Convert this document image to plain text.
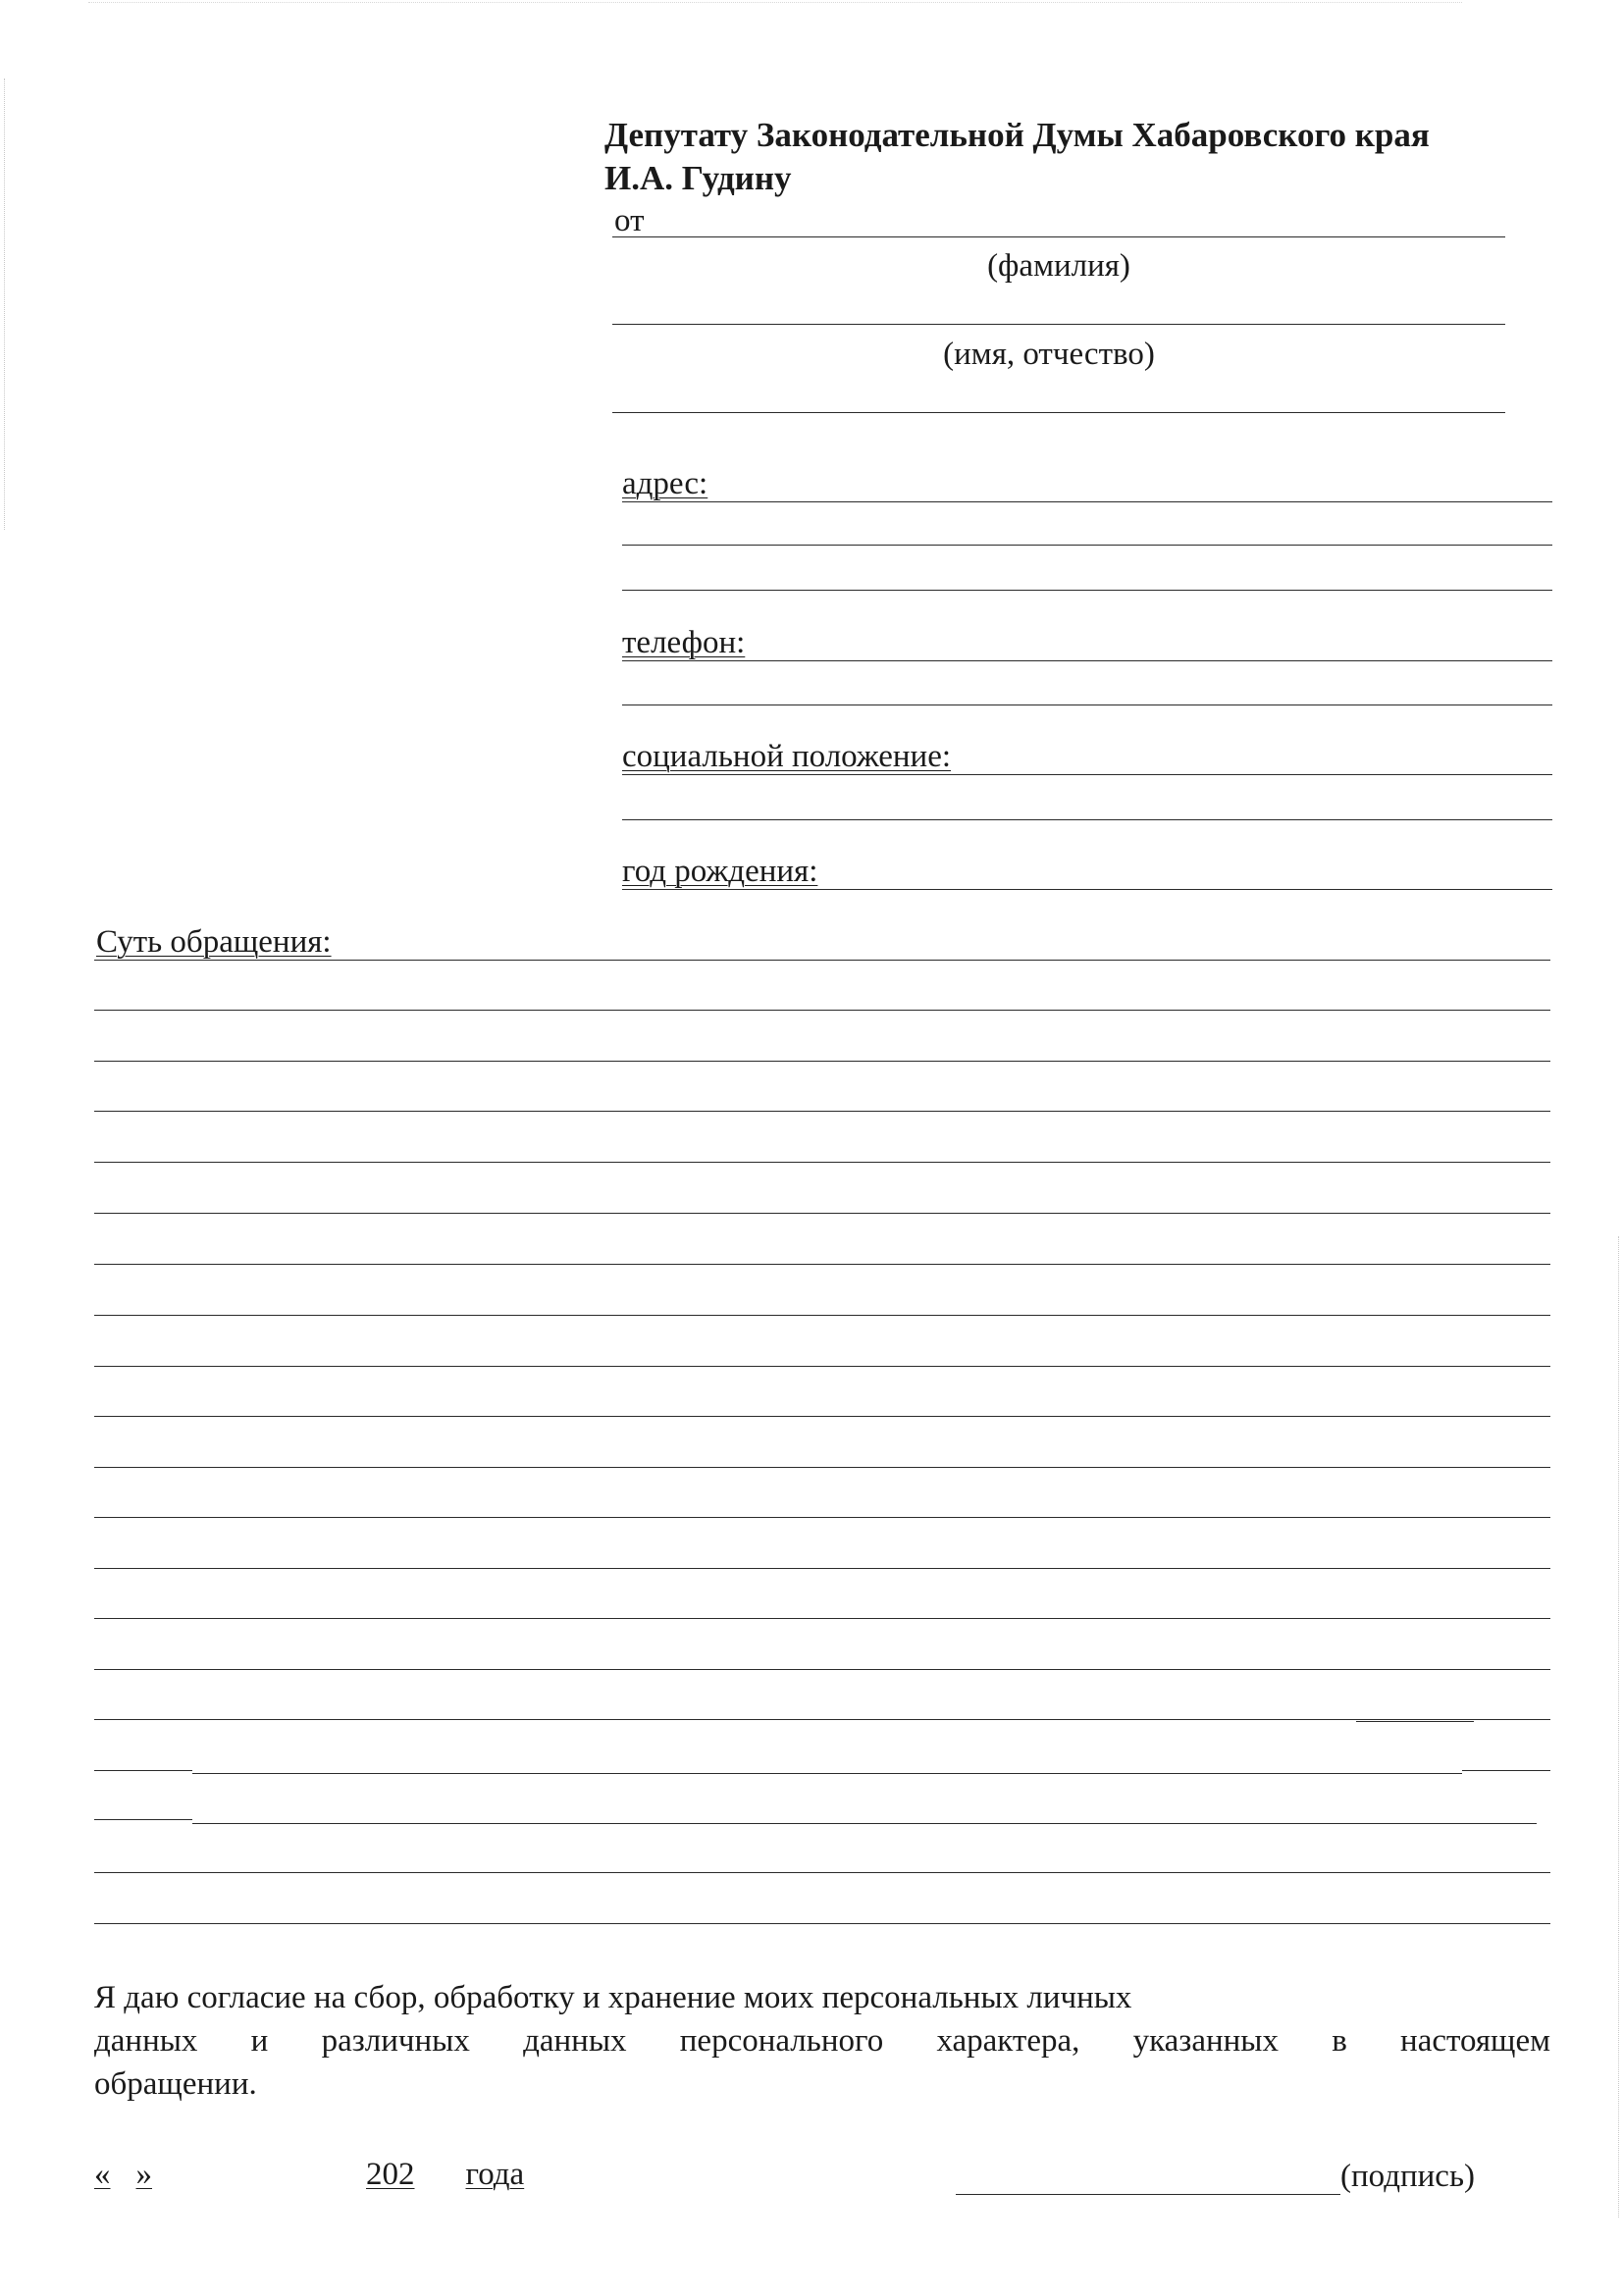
Депутату Законодательной Думы Хабаровского края
И.А. Гудину
от
(фамилия)
(имя, отчество)
адрес:
телефон:
социальной положение:
год рождения:
Суть обращения:
Я даю согласие на сбор, обработку и хранение моих персональных личных
данных и различных данных персонального характера, указанных в настоящем
обращении.
« »	202 года	(подпись)
